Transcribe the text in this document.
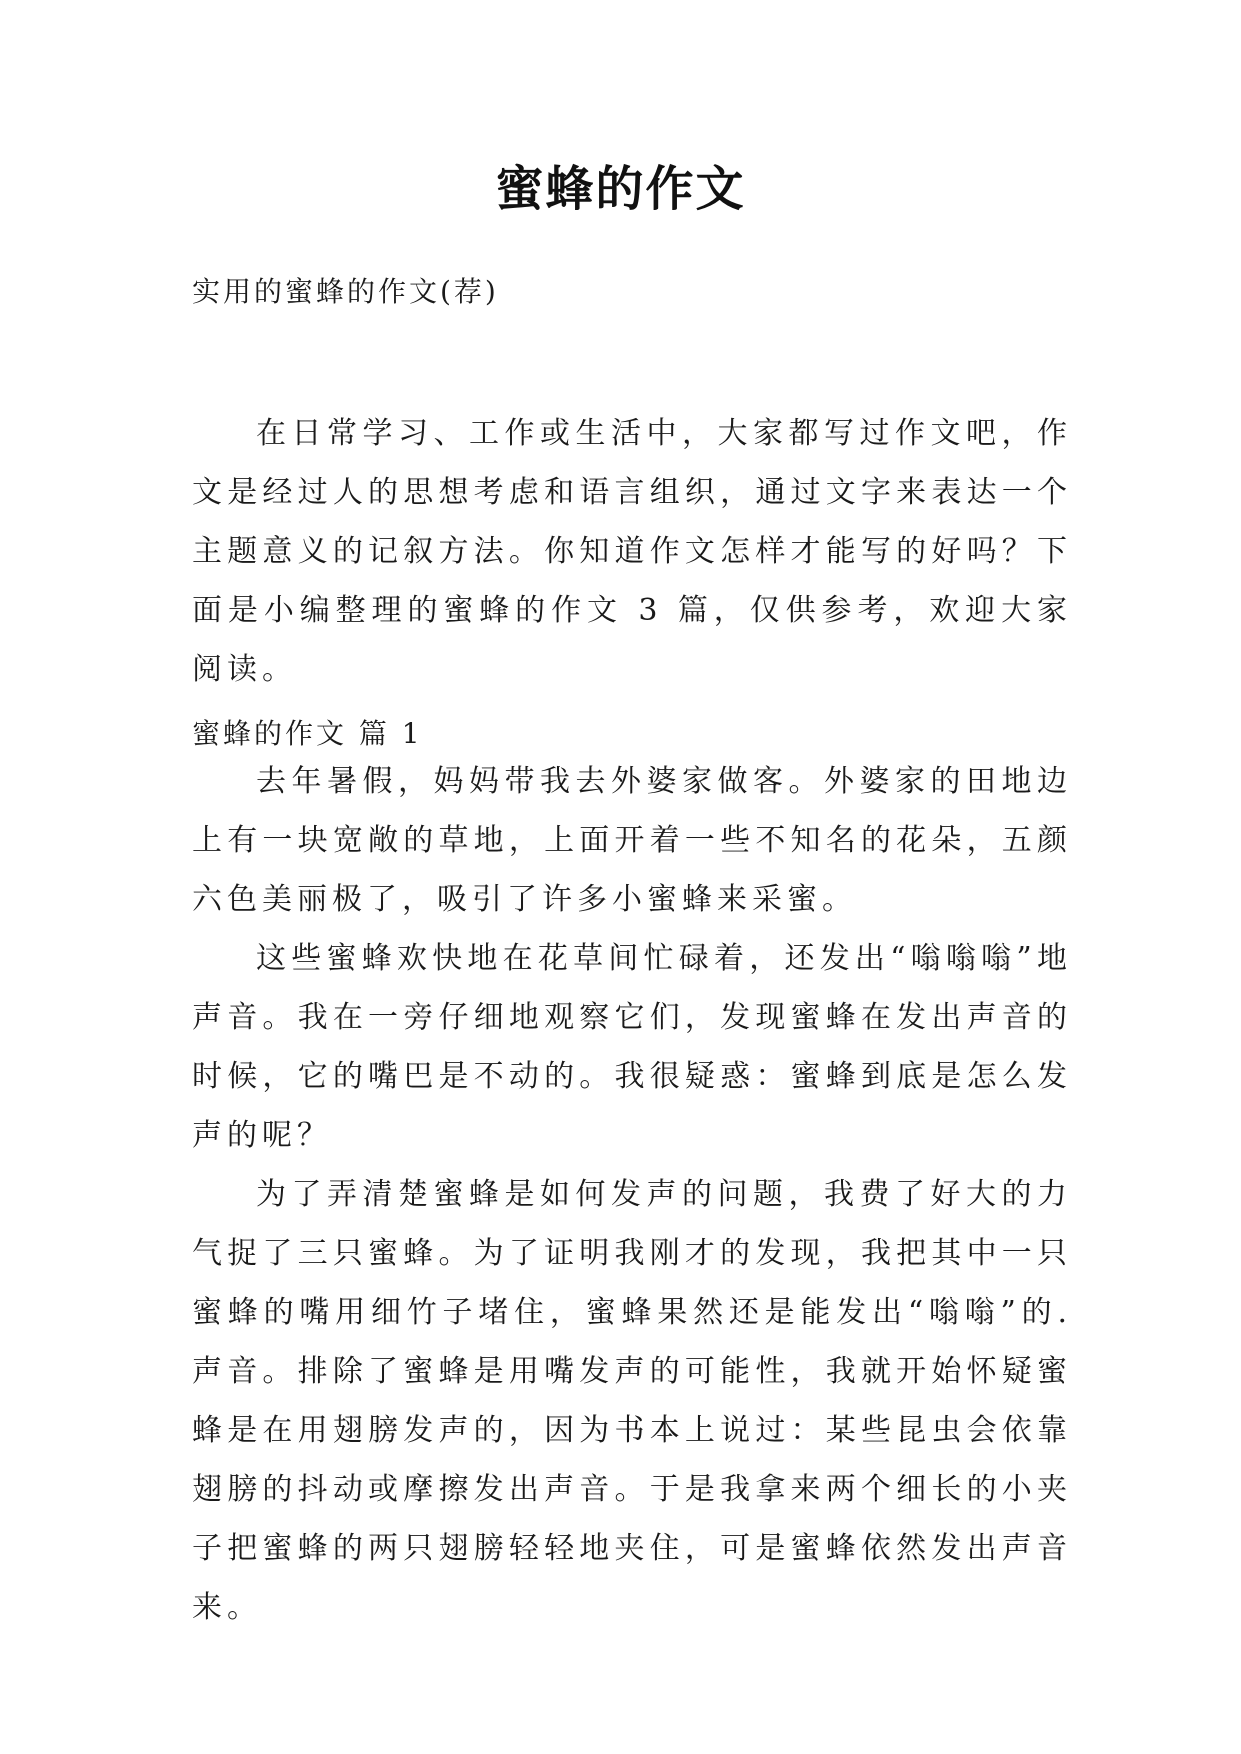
蜜蜂的作文
实用的蜜蜂的作文(荐)

在日常学习、工作或生活中，大家都写过作文吧，作文是经过人的思想考虑和语言组织，通过文字来表达一个主题意义的记叙方法。你知道作文怎样才能写的好吗？下面是小编整理的蜜蜂的作文 3 篇，仅供参考，欢迎大家阅读。

蜜蜂的作文 篇 1

去年暑假，妈妈带我去外婆家做客。外婆家的田地边上有一块宽敞的草地，上面开着一些不知名的花朵，五颜六色美丽极了，吸引了许多小蜜蜂来采蜜。

这些蜜蜂欢快地在花草间忙碌着，还发出“嗡嗡嗡”地声音。我在一旁仔细地观察它们，发现蜜蜂在发出声音的时候，它的嘴巴是不动的。我很疑惑：蜜蜂到底是怎么发声的呢？

为了弄清楚蜜蜂是如何发声的问题，我费了好大的力气捉了三只蜜蜂。为了证明我刚才的发现，我把其中一只蜜蜂的嘴用细竹子堵住，蜜蜂果然还是能发出“嗡嗡”的.声音。排除了蜜蜂是用嘴发声的可能性，我就开始怀疑蜜蜂是在用翅膀发声的，因为书本上说过：某些昆虫会依靠翅膀的抖动或摩擦发出声音。于是我拿来两个细长的小夹子把蜜蜂的两只翅膀轻轻地夹住，可是蜜蜂依然发出声音来。
